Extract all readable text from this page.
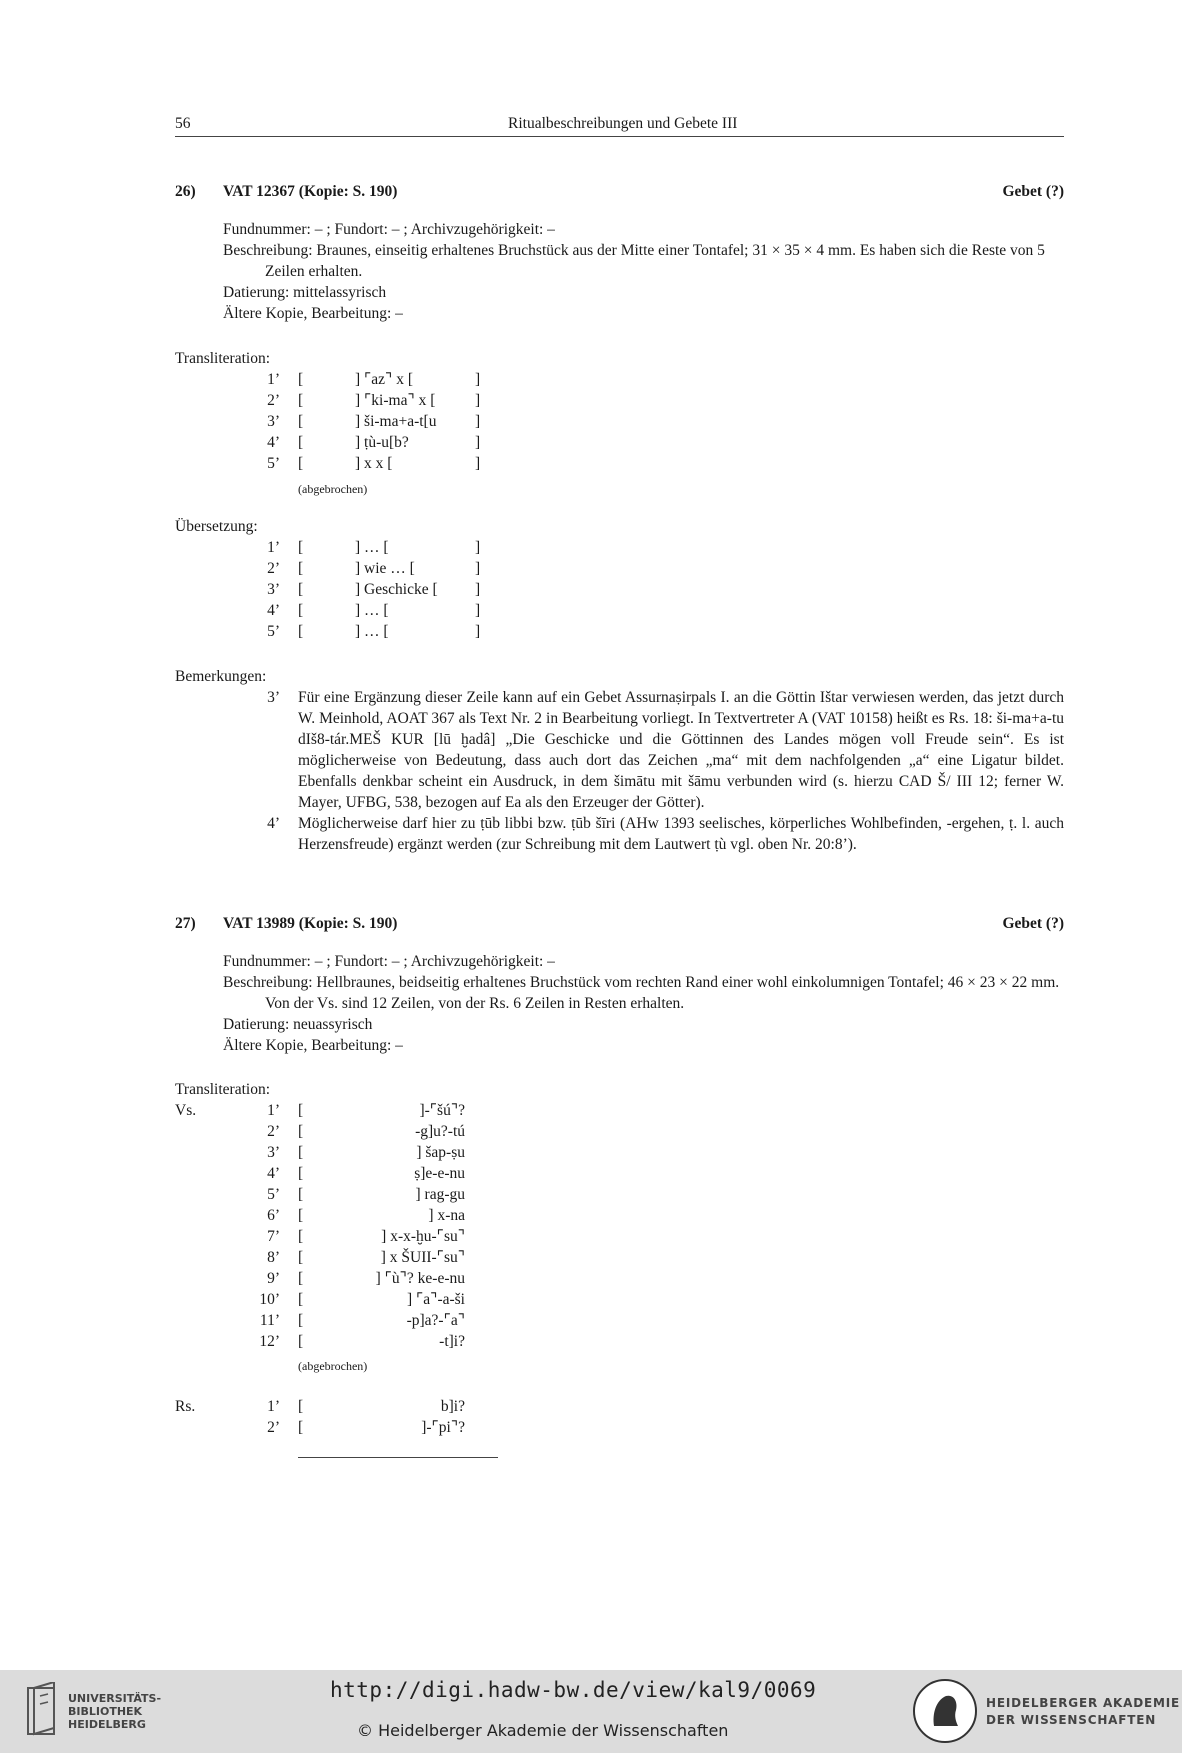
56	Ritualbeschreibungen und Gebete III
26) VAT 12367 (Kopie: S. 190)	Gebet (?)

Fundnummer: – ; Fundort: – ; Archivzugehörigkeit: –

Beschreibung: Braunes, einseitig erhaltenes Bruchstück aus der Mitte einer Tontafel; 31 × 35 × 4 mm. Es haben sich die Reste von 5 Zeilen erhalten.

Datierung: mittelassyrisch

Ältere Kopie, Bearbeitung: –

Transliteration:
1’ [	] ⌜az⌝ x [	]
2’ [	] ⌜ki-ma⌝ x [	]
3’ [	] ši-ma+a-t[u ]
4’ [	] ṭù-u[b?	]
5’ [	] x x [	]
(abgebrochen)
Übersetzung:
1’ [	] … [	]
2’ [	] wie … [	]
3’ [	] Geschicke [ ]
4’ [	] … [	]
5’ [	] … [	]
Bemerkungen:
3’ Für eine Ergänzung dieser Zeile kann auf ein Gebet Assurnaṣirpals I. an die Göttin Ištar verwiesen werden, das jetzt durch W. Meinhold, AOAT 367 als Text Nr. 2 in Bearbeitung vorliegt. In Textvertreter A (VAT 10158) heißt es Rs. 18: ši-ma+a-tu dIš8-tár.MEŠ KUR [lū ḫadâ] „Die Geschicke und die Göttinnen des Landes mögen voll Freude sein“. Es ist möglicherweise von Bedeutung, dass auch dort das Zeichen „ma“ mit dem nachfolgenden „a“ eine Ligatur bildet. Ebenfalls denkbar scheint ein Ausdruck, in dem šimātu mit šāmu verbunden wird (s. hierzu CAD Š/ III 12; ferner W. Mayer, UFBG, 538, bezogen auf Ea als den Erzeuger der Götter).
4’ Möglicherweise darf hier zu ṭūb libbi bzw. ṭūb šīri (AHw 1393 seelisches, körperliches Wohlbefinden, -ergehen, ṭ. l. auch Herzensfreude) ergänzt werden (zur Schreibung mit dem Lautwert ṭù vgl. oben Nr. 20:8’).
27) VAT 13989 (Kopie: S. 190)	Gebet (?)

Fundnummer: – ; Fundort: – ; Archivzugehörigkeit: –

Beschreibung: Hellbraunes, beidseitig erhaltenes Bruchstück vom rechten Rand einer wohl einkolumnigen Tontafel; 46 × 23 × 22 mm. Von der Vs. sind 12 Zeilen, von der Rs. 6 Zeilen in Resten erhalten.

Datierung: neuassyrisch

Ältere Kopie, Bearbeitung: –

Transliteration:
Vs.	1’ [	]-⌜šú⌝?
2’ [	-g]u?-tú
3’ [	] šap-ṣu
4’ [	ṣ]e-e-nu
5’ [	] rag-gu
6’ [	] x-na
7’ [	] x-x-ḫu-⌜su⌝
8’ [	] x ŠUII-⌜su⌝
9’ [	] ⌜ù⌝? ke-e-nu
10’ [	] ⌜a⌝-a-ši
11’ [	-p]a?-⌜a⌝
12’ [	-t]i?
(abgebrochen)
Rs.	1’ [	b]i?
2’ [	]-⌜pi⌝?
UNIVERSITÄTS-
BIBLIOTHEK
HEIDELBERG
http://digi.hadw-bw.de/view/kal9/0069
© Heidelberger Akademie der Wissenschaften
HEIDELBERGER AKADEMIE
DER WISSENSCHAFTEN
